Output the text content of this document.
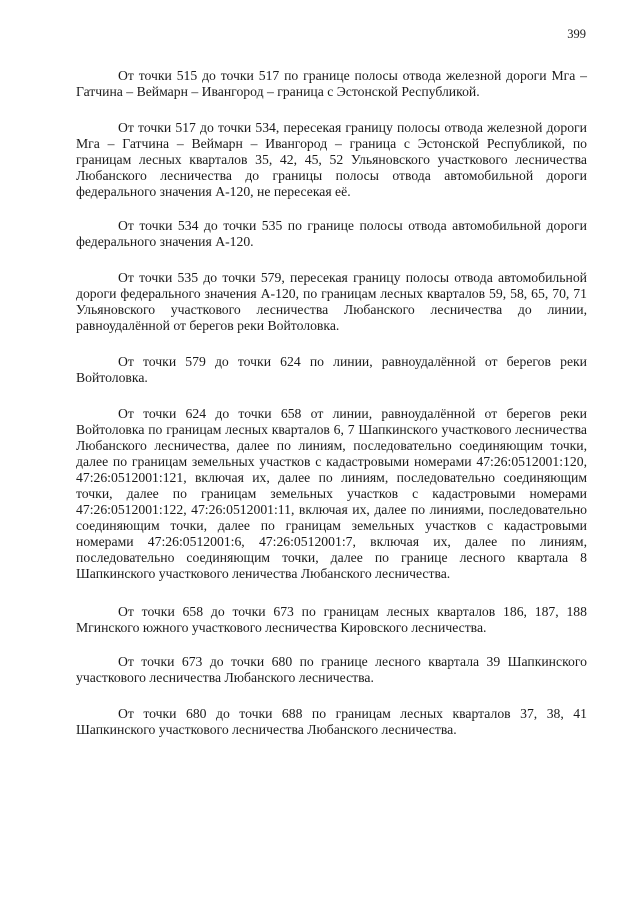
399

От точки 515 до точки 517 по границе полосы отвода железной дороги Мга – Гатчина – Веймарн – Ивангород – граница с Эстонской Республикой.

От точки 517 до точки 534, пересекая границу полосы отвода железной дороги Мга – Гатчина – Веймарн – Ивангород – граница с Эстонской Республикой, по границам лесных кварталов 35, 42, 45, 52 Ульяновского участкового лесничества Любанского лесничества до границы полосы отвода автомобильной дороги федерального значения А-120, не пересекая её.

От точки 534 до точки 535 по границе полосы отвода автомобильной дороги федерального значения А-120.

От точки 535 до точки 579, пересекая границу полосы отвода автомобильной дороги федерального значения А-120, по границам лесных кварталов 59, 58, 65, 70, 71 Ульяновского участкового лесничества Любанского лесничества до линии, равноудалённой от берегов реки Войтоловка.

От точки 579 до точки 624 по линии, равноудалённой от берегов реки Войтоловка.

От точки 624 до точки 658 от линии, равноудалённой от берегов реки Войтоловка по границам лесных кварталов 6, 7 Шапкинского участкового лесничества Любанского лесничества, далее по линиям, последовательно соединяющим точки, далее по границам земельных участков с кадастровыми номерами 47:26:0512001:120, 47:26:0512001:121, включая их, далее по линиям, последовательно соединяющим точки, далее по границам земельных участков с кадастровыми номерами 47:26:0512001:122, 47:26:0512001:11, включая их, далее по линиями, последовательно соединяющим точки, далее по границам земельных участков с кадастровыми номерами 47:26:0512001:6, 47:26:0512001:7, включая их, далее по линиям, последовательно соединяющим точки, далее по границе лесного квартала 8 Шапкинского участкового леничества Любанского лесничества.

От точки 658 до точки 673 по границам лесных кварталов 186, 187, 188 Мгинского южного участкового лесничества Кировского лесничества.

От точки 673 до точки 680 по границе лесного квартала 39 Шапкинского участкового лесничества Любанского лесничества.

От точки 680 до точки 688 по границам лесных кварталов 37, 38, 41 Шапкинского участкового лесничества Любанского лесничества.
